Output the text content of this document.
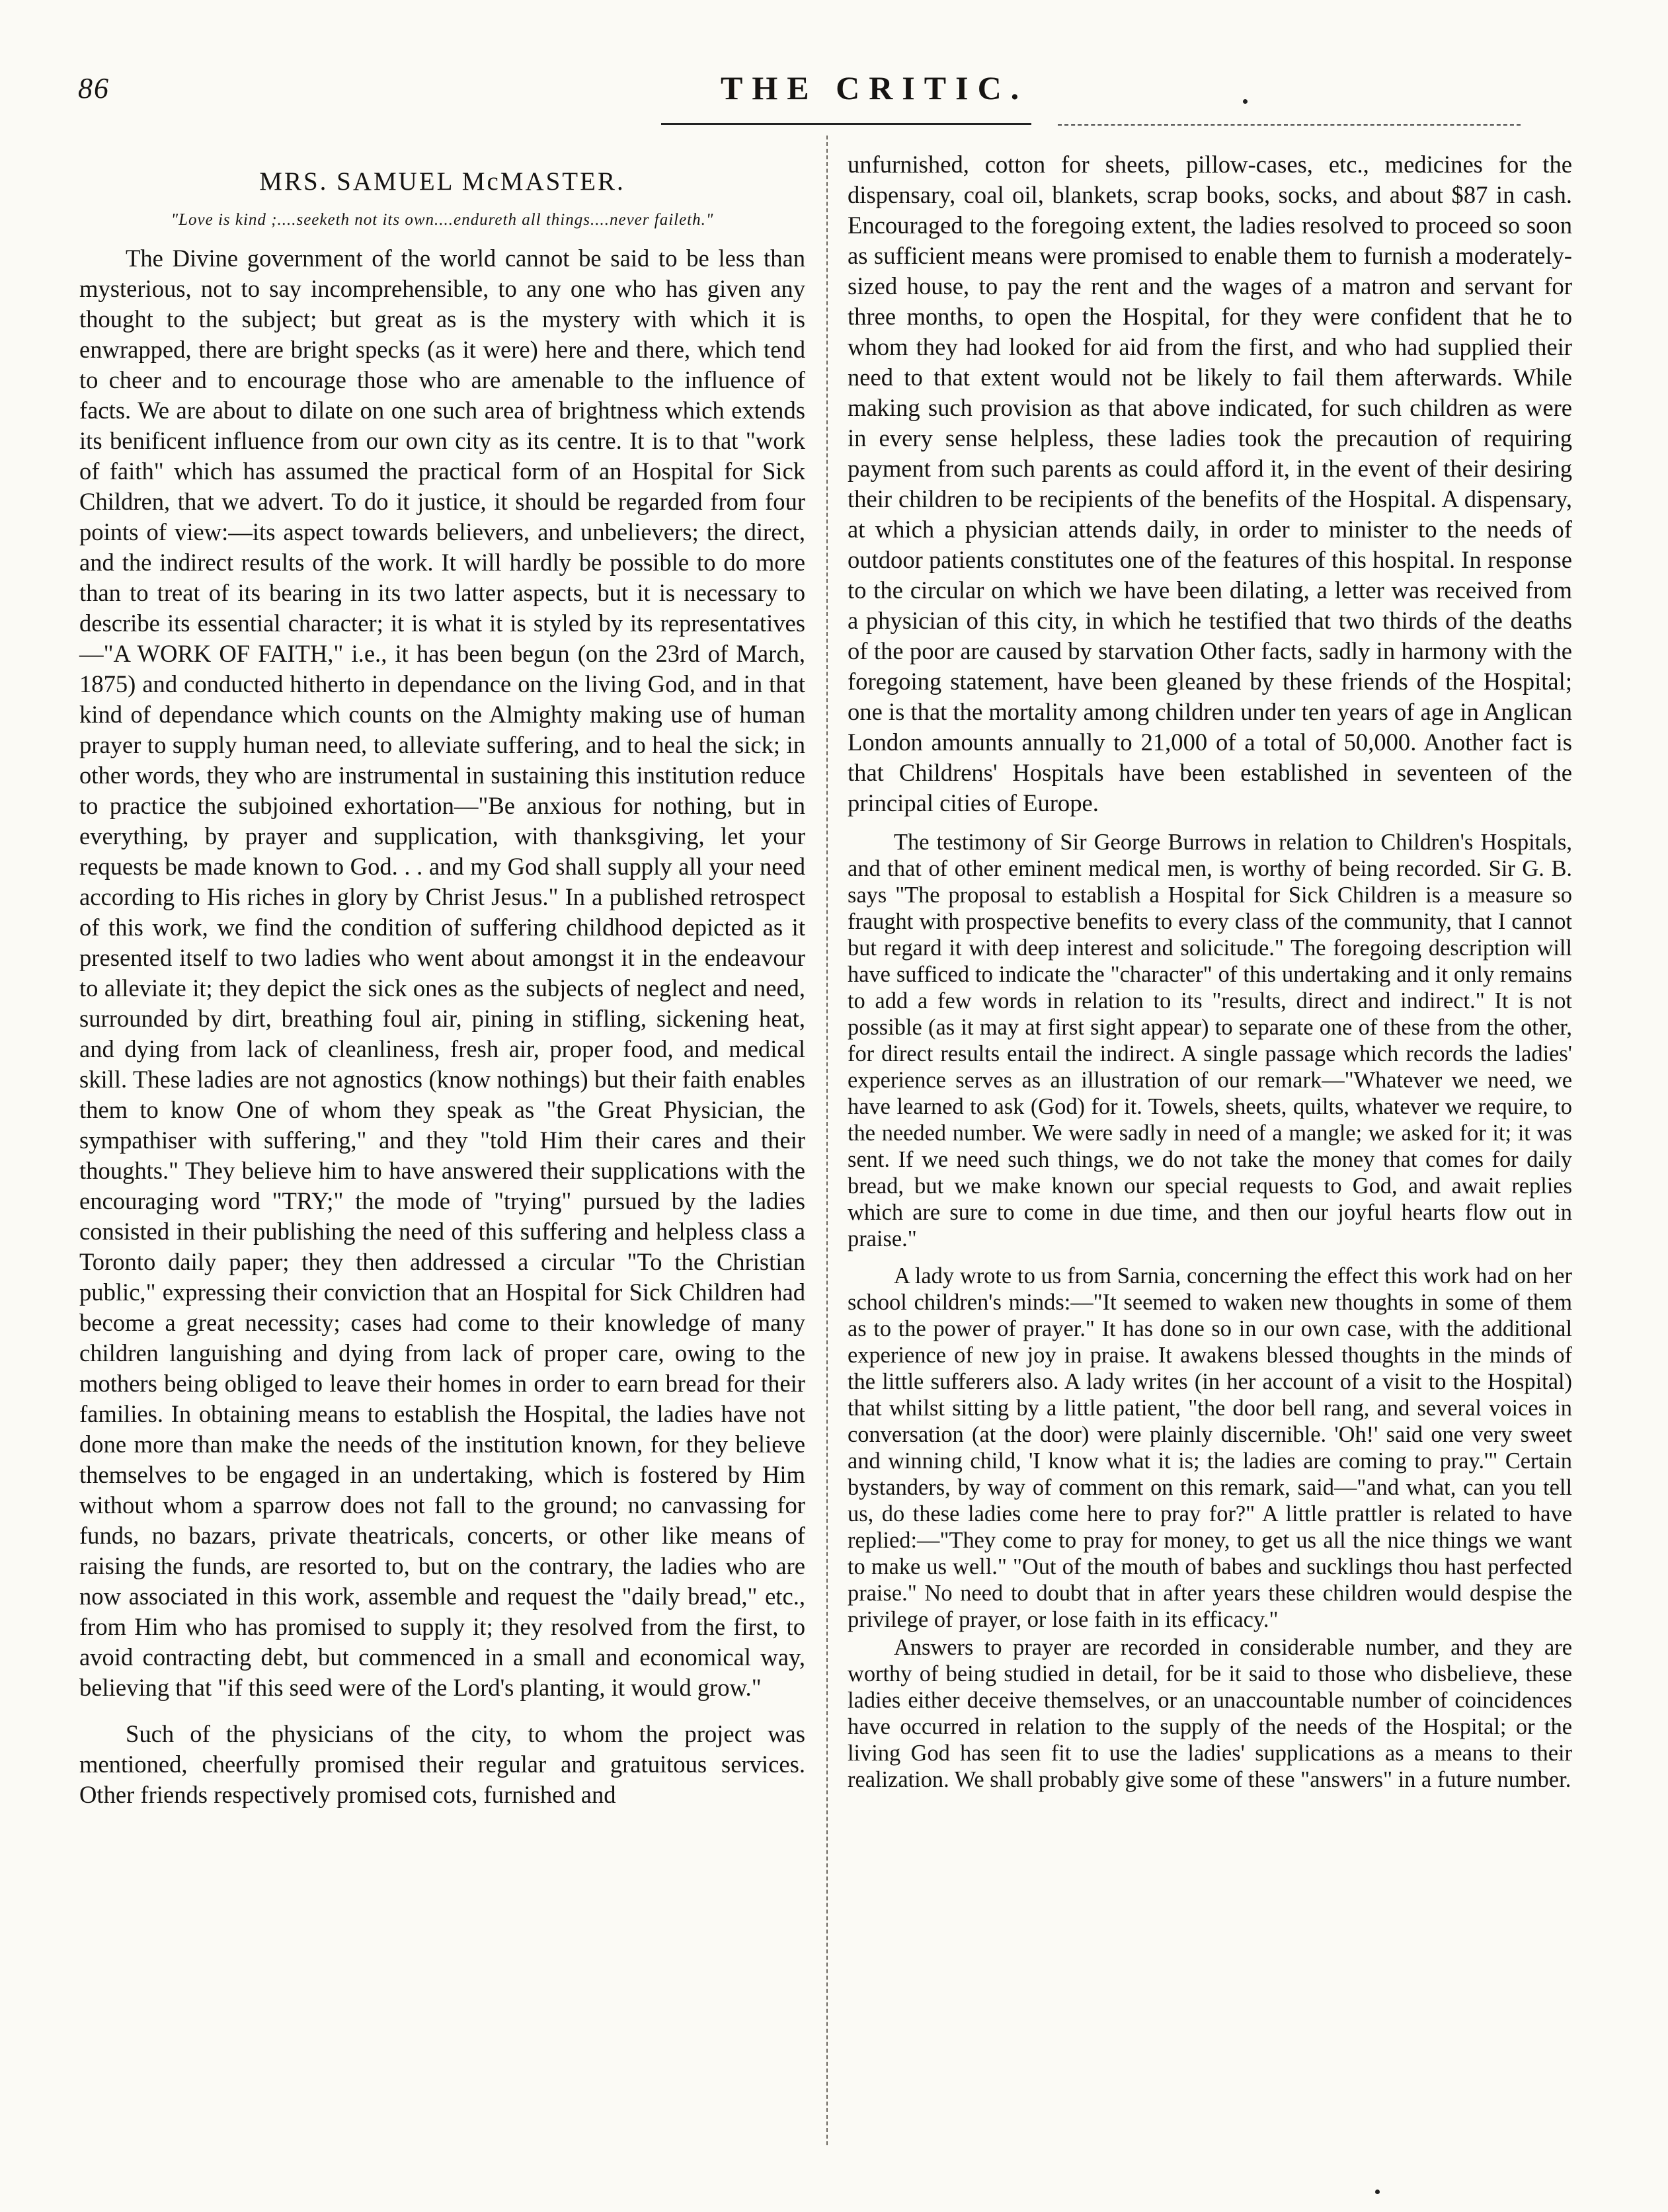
86	THE CRITIC.
MRS. SAMUEL McMASTER.
"Love is kind ;....seeketh not its own....endureth all things....never faileth."

The Divine government of the world cannot be said to be less than mysterious, not to say incomprehensible, to any one who has given any thought to the subject; but great as is the mystery with which it is enwrapped, there are bright specks (as it were) here and there, which tend to cheer and to encourage those who are amenable to the influence of facts. We are about to dilate on one such area of brightness which extends its benificent influence from our own city as its centre. It is to that "work of faith" which has assumed the practical form of an Hospital for Sick Children, that we advert. To do it justice, it should be regarded from four points of view:—its aspect towards believers, and unbelievers; the direct, and the indirect results of the work. It will hardly be possible to do more than to treat of its bearing in its two latter aspects, but it is necessary to describe its essential character; it is what it is styled by its representatives—"A WORK OF FAITH," i.e., it has been begun (on the 23rd of March, 1875) and conducted hitherto in dependance on the living God, and in that kind of dependance which counts on the Almighty making use of human prayer to supply human need, to alleviate suffering, and to heal the sick; in other words, they who are instrumental in sustaining this institution reduce to practice the subjoined exhortation—"Be anxious for nothing, but in everything, by prayer and supplication, with thanksgiving, let your requests be made known to God. . . and my God shall supply all your need according to His riches in glory by Christ Jesus." In a published retrospect of this work, we find the condition of suffering childhood depicted as it presented itself to two ladies who went about amongst it in the endeavour to alleviate it; they depict the sick ones as the subjects of neglect and need, surrounded by dirt, breathing foul air, pining in stifling, sickening heat, and dying from lack of cleanliness, fresh air, proper food, and medical skill. These ladies are not agnostics (know nothings) but their faith enables them to know One of whom they speak as "the Great Physician, the sympathiser with suffering," and they "told Him their cares and their thoughts." They believe him to have answered their supplications with the encouraging word "TRY;" the mode of "trying" pursued by the ladies consisted in their publishing the need of this suffering and helpless class a Toronto daily paper; they then addressed a circular "To the Christian public," expressing their conviction that an Hospital for Sick Children had become a great necessity; cases had come to their knowledge of many children languishing and dying from lack of proper care, owing to the mothers being obliged to leave their homes in order to earn bread for their families. In obtaining means to establish the Hospital, the ladies have not done more than make the needs of the institution known, for they believe themselves to be engaged in an undertaking, which is fostered by Him without whom a sparrow does not fall to the ground; no canvassing for funds, no bazars, private theatricals, concerts, or other like means of raising the funds, are resorted to, but on the contrary, the ladies who are now associated in this work, assemble and request the "daily bread," etc., from Him who has promised to supply it; they resolved from the first, to avoid contracting debt, but commenced in a small and economical way, believing that "if this seed were of the Lord's planting, it would grow."

Such of the physicians of the city, to whom the project was mentioned, cheerfully promised their regular and gratuitous services. Other friends respectively promised cots, furnished and

unfurnished, cotton for sheets, pillow-cases, etc., medicines for the dispensary, coal oil, blankets, scrap books, socks, and about $87 in cash. Encouraged to the foregoing extent, the ladies resolved to proceed so soon as sufficient means were promised to enable them to furnish a moderately-sized house, to pay the rent and the wages of a matron and servant for three months, to open the Hospital, for they were confident that he to whom they had looked for aid from the first, and who had supplied their need to that extent would not be likely to fail them afterwards. While making such provision as that above indicated, for such children as were in every sense helpless, these ladies took the precaution of requiring payment from such parents as could afford it, in the event of their desiring their children to be recipients of the benefits of the Hospital. A dispensary, at which a physician attends daily, in order to minister to the needs of outdoor patients constitutes one of the features of this hospital. In response to the circular on which we have been dilating, a letter was received from a physician of this city, in which he testified that two thirds of the deaths of the poor are caused by starvation Other facts, sadly in harmony with the foregoing statement, have been gleaned by these friends of the Hospital; one is that the mortality among children under ten years of age in Anglican London amounts annually to 21,000 of a total of 50,000. Another fact is that Childrens' Hospitals have been established in seventeen of the principal cities of Europe.

The testimony of Sir George Burrows in relation to Children's Hospitals, and that of other eminent medical men, is worthy of being recorded. Sir G. B. says "The proposal to establish a Hospital for Sick Children is a measure so fraught with prospective benefits to every class of the community, that I cannot but regard it with deep interest and solicitude." The foregoing description will have sufficed to indicate the "character" of this undertaking and it only remains to add a few words in relation to its "results, direct and indirect." It is not possible (as it may at first sight appear) to separate one of these from the other, for direct results entail the indirect. A single passage which records the ladies' experience serves as an illustration of our remark—"Whatever we need, we have learned to ask (God) for it. Towels, sheets, quilts, whatever we require, to the needed number. We were sadly in need of a mangle; we asked for it; it was sent. If we need such things, we do not take the money that comes for daily bread, but we make known our special requests to God, and await replies which are sure to come in due time, and then our joyful hearts flow out in praise."

A lady wrote to us from Sarnia, concerning the effect this work had on her school children's minds:—"It seemed to waken new thoughts in some of them as to the power of prayer." It has done so in our own case, with the additional experience of new joy in praise. It awakens blessed thoughts in the minds of the little sufferers also. A lady writes (in her account of a visit to the Hospital) that whilst sitting by a little patient, "the door bell rang, and several voices in conversation (at the door) were plainly discernible. 'Oh!' said one very sweet and winning child, 'I know what it is; the ladies are coming to pray.'" Certain bystanders, by way of comment on this remark, said—"and what, can you tell us, do these ladies come here to pray for?" A little prattler is related to have replied:—"They come to pray for money, to get us all the nice things we want to make us well." "Out of the mouth of babes and sucklings thou hast perfected praise." No need to doubt that in after years these children would despise the privilege of prayer, or lose faith in its efficacy."

Answers to prayer are recorded in considerable number, and they are worthy of being studied in detail, for be it said to those who disbelieve, these ladies either deceive themselves, or an unaccountable number of coincidences have occurred in relation to the supply of the needs of the Hospital; or the living God has seen fit to use the ladies' supplications as a means to their realization. We shall probably give some of these "answers" in a future number.
